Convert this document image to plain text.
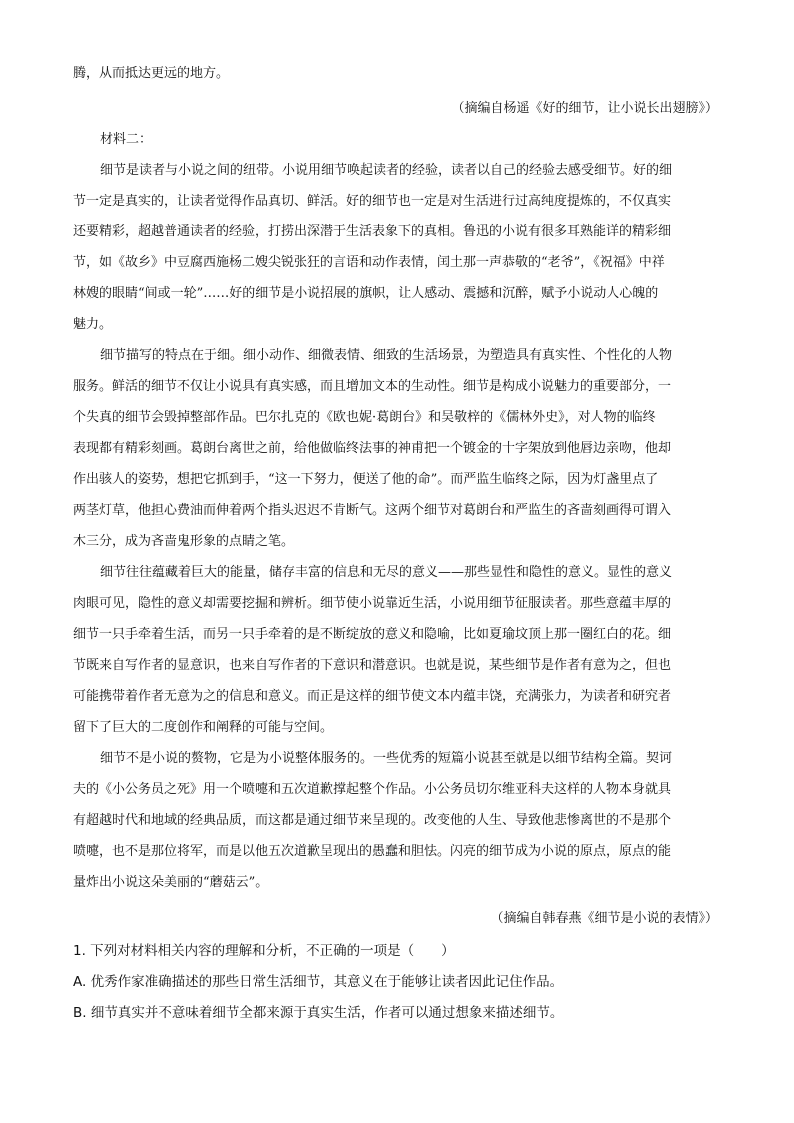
腾，从而抵达更远的地方。
（摘编自杨遥《好的细节，让小说长出翅膀》）
材料二：
细节是读者与小说之间的纽带。小说用细节唤起读者的经验，读者以自己的经验去感受细节。好的细
节一定是真实的，让读者觉得作品真切、鲜活。好的细节也一定是对生活进行过高纯度提炼的，不仅真实
还要精彩，超越普通读者的经验，打捞出深潜于生活表象下的真相。鲁迅的小说有很多耳熟能详的精彩细
节，如《故乡》中豆腐西施杨二嫂尖锐张狂的言语和动作表情，闰土那一声恭敬的“老爷”，《祝福》中祥
林嫂的眼睛“间或一轮”……好的细节是小说招展的旗帜，让人感动、震撼和沉醉，赋予小说动人心魄的
魅力。
细节描写的特点在于细。细小动作、细微表情、细致的生活场景，为塑造具有真实性、个性化的人物
服务。鲜活的细节不仅让小说具有真实感，而且增加文本的生动性。细节是构成小说魅力的重要部分，一
个失真的细节会毁掉整部作品。巴尔扎克的《欧也妮·葛朗台》和吴敬梓的《儒林外史》，对人物的临终
表现都有精彩刻画。葛朗台离世之前，给他做临终法事的神甫把一个镀金的十字架放到他唇边亲吻，他却
作出骇人的姿势，想把它抓到手，“这一下努力，便送了他的命”。而严监生临终之际，因为灯盏里点了
两茎灯草，他担心费油而伸着两个指头迟迟不肯断气。这两个细节对葛朗台和严监生的吝啬刻画得可谓入
木三分，成为吝啬鬼形象的点睛之笔。
细节往往蕴藏着巨大的能量，储存丰富的信息和无尽的意义——那些显性和隐性的意义。显性的意义
肉眼可见，隐性的意义却需要挖掘和辨析。细节使小说靠近生活，小说用细节征服读者。那些意蕴丰厚的
细节一只手牵着生活，而另一只手牵着的是不断绽放的意义和隐喻，比如夏瑜坟顶上那一圈红白的花。细
节既来自写作者的显意识，也来自写作者的下意识和潜意识。也就是说，某些细节是作者有意为之，但也
可能携带着作者无意为之的信息和意义。而正是这样的细节使文本内蕴丰饶，充满张力，为读者和研究者
留下了巨大的二度创作和阐释的可能与空间。
细节不是小说的赘物，它是为小说整体服务的。一些优秀的短篇小说甚至就是以细节结构全篇。契诃
夫的《小公务员之死》用一个喷嚏和五次道歉撑起整个作品。小公务员切尔维亚科夫这样的人物本身就具
有超越时代和地域的经典品质，而这都是通过细节来呈现的。改变他的人生、导致他悲惨离世的不是那个
喷嚏，也不是那位将军，而是以他五次道歉呈现出的愚蠢和胆怯。闪亮的细节成为小说的原点，原点的能
量炸出小说这朵美丽的“蘑菇云”。
（摘编自韩春燕《细节是小说的表情》）
1. 下列对材料相关内容的理解和分析，不正确的一项是（　　）
A. 优秀作家准确描述的那些日常生活细节，其意义在于能够让读者因此记住作品。
B. 细节真实并不意味着细节全都来源于真实生活，作者可以通过想象来描述细节。
